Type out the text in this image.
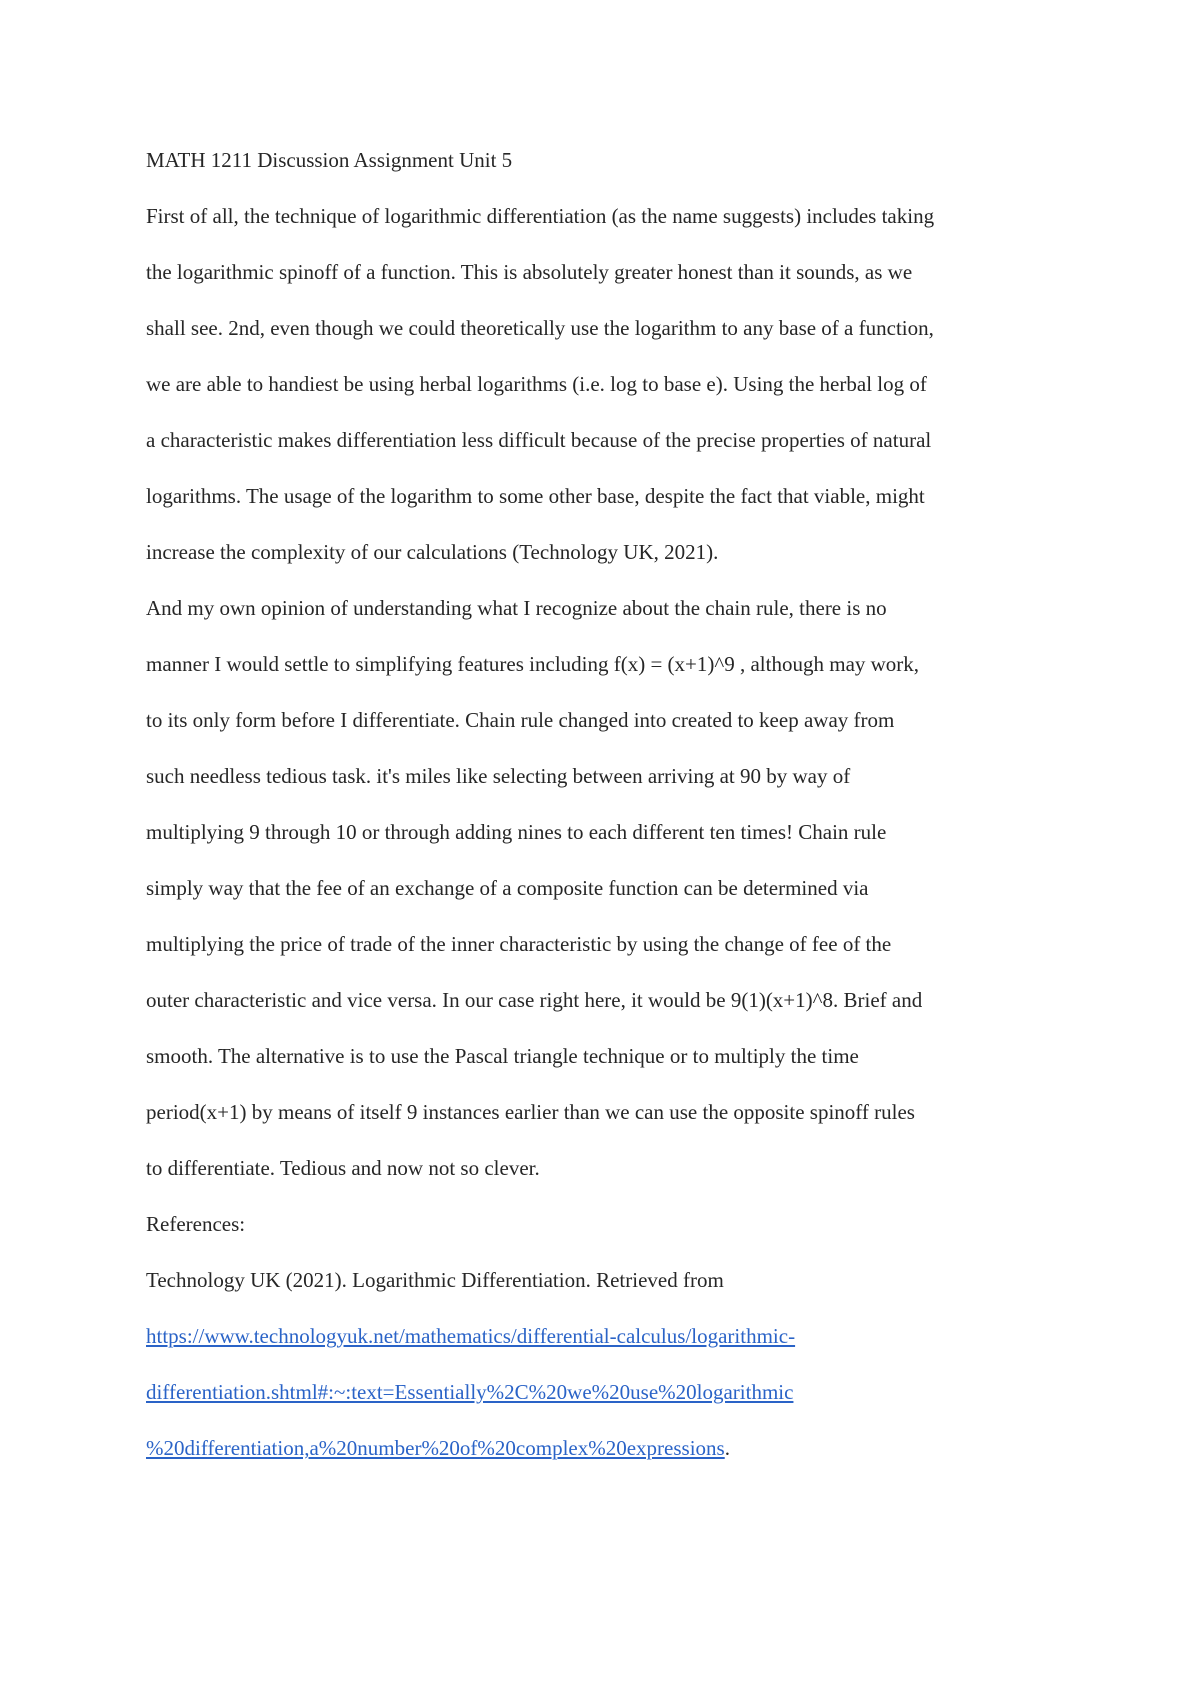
MATH 1211 Discussion Assignment Unit 5
First of all, the technique of logarithmic differentiation (as the name suggests) includes taking
the logarithmic spinoff of a function. This is absolutely greater honest than it sounds, as we
shall see. 2nd, even though we could theoretically use the logarithm to any base of a function,
we are able to handiest be using herbal logarithms (i.e. log to base e). Using the herbal log of
a characteristic makes differentiation less difficult because of the precise properties of natural
logarithms. The usage of the logarithm to some other base, despite the fact that viable, might
increase the complexity of our calculations (Technology UK, 2021).
And my own opinion of understanding what I recognize about the chain rule, there is no
manner I would settle to simplifying features including f(x) = (x+1)^9 , although may work,
to its only form before I differentiate. Chain rule changed into created to keep away from
such needless tedious task. it's miles like selecting between arriving at 90 by way of
multiplying 9 through 10 or through adding nines to each different ten times! Chain rule
simply way that the fee of an exchange of a composite function can be determined via
multiplying the price of trade of the inner characteristic by using the change of fee of the
outer characteristic and vice versa. In our case right here, it would be 9(1)(x+1)^8. Brief and
smooth. The alternative is to use the Pascal triangle technique or to multiply the time
period(x+1) by means of itself 9 instances earlier than we can use the opposite spinoff rules
to differentiate. Tedious and now not so clever.
References:
Technology UK (2021). Logarithmic Differentiation. Retrieved from
https://www.technologyuk.net/mathematics/differential-calculus/logarithmic-
differentiation.shtml#:~:text=Essentially%2C%20we%20use%20logarithmic
%20differentiation,a%20number%20of%20complex%20expressions.
